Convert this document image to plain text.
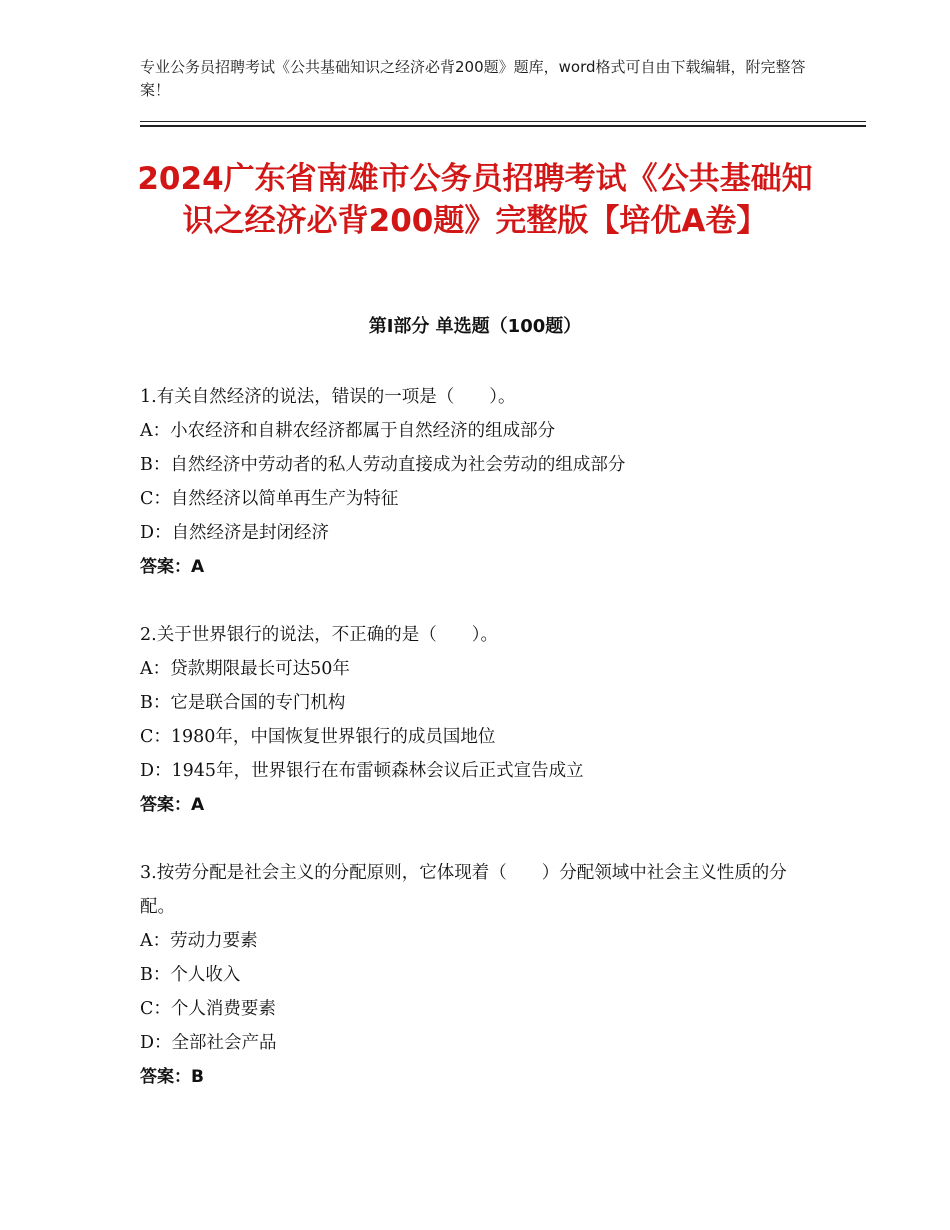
专业公务员招聘考试《公共基础知识之经济必背200题》题库，word格式可自由下载编辑，附完整答案！
2024广东省南雄市公务员招聘考试《公共基础知识之经济必背200题》完整版【培优A卷】
第Ⅰ部分 单选题（100题）
1.有关自然经济的说法，错误的一项是（　　）。
A：小农经济和自耕农经济都属于自然经济的组成部分
B：自然经济中劳动者的私人劳动直接成为社会劳动的组成部分
C：自然经济以简单再生产为特征
D：自然经济是封闭经济
答案：A
2.关于世界银行的说法，不正确的是（　　）。
A：贷款期限最长可达50年
B：它是联合国的专门机构
C：1980年，中国恢复世界银行的成员国地位
D：1945年，世界银行在布雷顿森林会议后正式宣告成立
答案：A
3.按劳分配是社会主义的分配原则，它体现着（　　）分配领域中社会主义性质的分配。
A：劳动力要素
B：个人收入
C：个人消费要素
D：全部社会产品
答案：B
